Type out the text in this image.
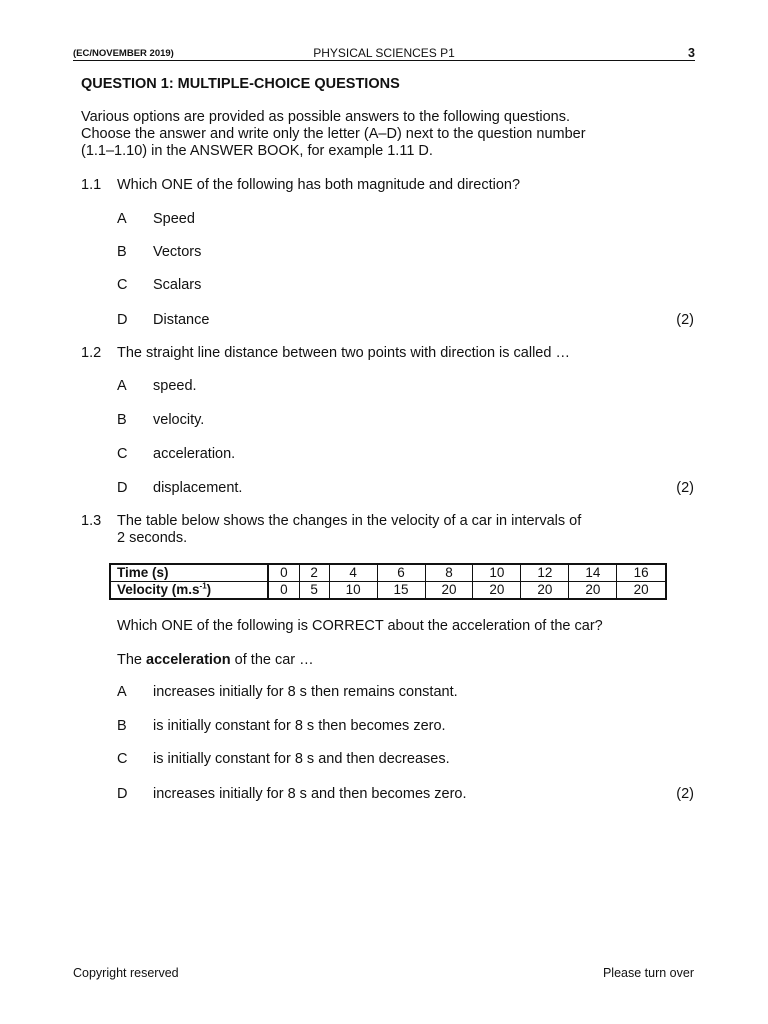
(EC/NOVEMBER 2019)	PHYSICAL SCIENCES P1	3
QUESTION 1: MULTIPLE-CHOICE QUESTIONS
Various options are provided as possible answers to the following questions.
Choose the answer and write only the letter (A–D) next to the question number
(1.1–1.10) in the ANSWER BOOK, for example 1.11 D.
1.1 Which ONE of the following has both magnitude and direction?
A Speed
B Vectors
C Scalars
D Distance	(2)
1.2 The straight line distance between two points with direction is called …
A speed.
B velocity.
C acceleration.
D displacement.	(2)
1.3 The table below shows the changes in the velocity of a car in intervals of
2 seconds.
Time (s)	0	2	4	6	8	10	12	14	16
Velocity $(m.s^{-1})$	0	5	10	15	20	20	20	20	20
Which ONE of the following is CORRECT about the acceleration of the car?
The acceleration of the car …
A increases initially for 8 s then remains constant.
B is initially constant for 8 s then becomes zero.
C is initially constant for 8 s and then decreases.
D increases initially for 8 s and then becomes zero.	(2)
Copyright reserved	Please turn over
